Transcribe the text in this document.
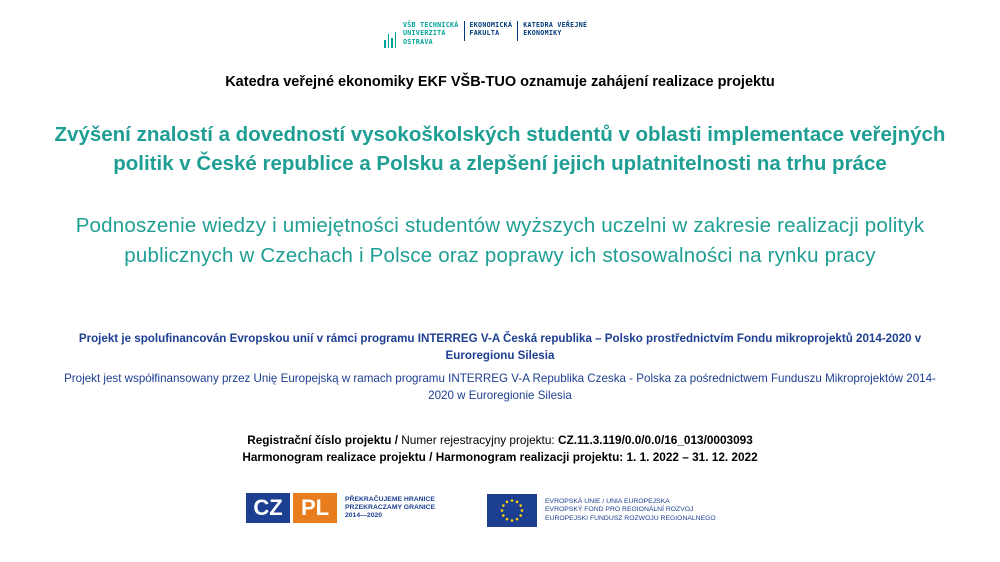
VŠB TECHNICKÁ
UNIVERZITA
OSTRAVA
EKONOMICKÁ
FAKULTA
KATEDRA VEŘEJNÉ
EKONOMIKY
Katedra veřejné ekonomiky EKF VŠB-TUO oznamuje zahájení realizace projektu
Zvýšení znalostí a dovedností vysokoškolských studentů v oblasti implementace veřejných politik v České republice a Polsku a zlepšení jejich uplatnitelnosti na trhu práce
Podnoszenie wiedzy i umiejętności studentów wyższych uczelni w zakresie realizacji polityk publicznych w Czechach i Polsce oraz poprawy ich stosowalności na rynku pracy
Projekt je spolufinancován Evropskou unií v rámci programu INTERREG V-A Česká republika – Polsko prostřednictvím Fondu mikroprojektů 2014-2020 v Euroregionu Silesia
Projekt jest współfinansowany przez Unię Europejską w ramach programu INTERREG V-A Republika Czeska - Polska za pośrednictwem Funduszu Mikroprojektów 2014-2020 w Euroregionie Silesia
Registrační číslo projektu / Numer rejestracyjny projektu: CZ.11.3.119/0.0/0.0/16_013/0003093
Harmonogram realizace projektu / Harmonogram realizacji projektu: 1. 1. 2022 – 31. 12. 2022
CZ PL	PŘEKRAČUJEME HRANICE
PRZEKRACZAMY GRANICE
2014—2020
EVROPSKÁ UNIE / UNIA EUROPEJSKA
EVROPSKÝ FOND PRO REGIONÁLNÍ ROZVOJ
EUROPEJSKI FUNDUSZ ROZWOJU REGIONALNEGO
